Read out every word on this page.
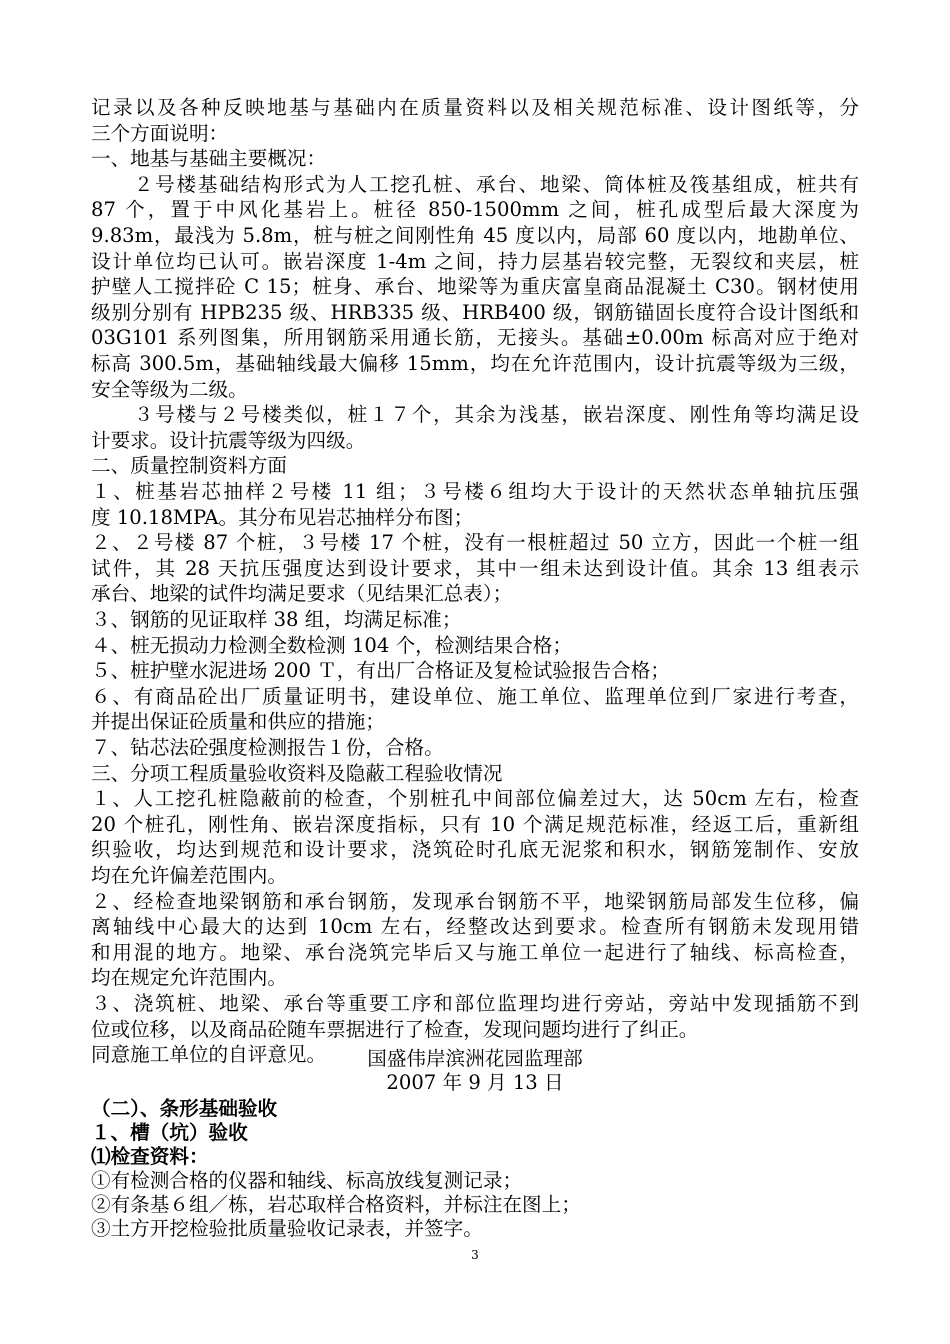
记录以及各种反映地基与基础内在质量资料以及相关规范标准、设计图纸等，分
三个方面说明：
一、地基与基础主要概况：
　　２号楼基础结构形式为人工挖孔桩、承台、地梁、筒体桩及筏基组成，桩共有
87 个，置于中风化基岩上。桩径 850-1500mm 之间，桩孔成型后最大深度为
9.83m，最浅为 5.8m，桩与桩之间刚性角 45 度以内，局部 60 度以内，地勘单位、
设计单位均已认可。嵌岩深度 1-4m 之间，持力层基岩较完整，无裂纹和夹层，桩
护壁人工搅拌砼 C 15；桩身、承台、地梁等为重庆富皇商品混凝土 C30。钢材使用
级别分别有 HPB235 级、HRB335 级、HRB400 级，钢筋锚固长度符合设计图纸和
03G101 系列图集，所用钢筋采用通长筋，无接头。基础±0.00m 标高对应于绝对
标高 300.5m，基础轴线最大偏移 15mm，均在允许范围内，设计抗震等级为三级，
安全等级为二级。
　　３号楼与２号楼类似，桩１７个，其余为浅基，嵌岩深度、刚性角等均满足设
计要求。设计抗震等级为四级。
二、质量控制资料方面
１、桩基岩芯抽样２号楼 11 组；３号楼６组均大于设计的天然状态单轴抗压强
度 10.18MPA。其分布见岩芯抽样分布图；
２、２号楼 87 个桩，３号楼 17 个桩，没有一根桩超过 50 立方，因此一个桩一组
试件，其 28 天抗压强度达到设计要求，其中一组未达到设计值。其余 13 组表示
承台、地梁的试件均满足要求（见结果汇总表）；
３、钢筋的见证取样 38 组，均满足标准；
４、桩无损动力检测全数检测 104 个，检测结果合格；
５、桩护壁水泥进场 200 Ｔ，有出厂合格证及复检试验报告合格；
６、有商品砼出厂质量证明书，建设单位、施工单位、监理单位到厂家进行考查，
并提出保证砼质量和供应的措施；
７、钻芯法砼强度检测报告１份，合格。
三、分项工程质量验收资料及隐蔽工程验收情况
１、人工挖孔桩隐蔽前的检查，个别桩孔中间部位偏差过大，达 50cm 左右，检查
20 个桩孔，刚性角、嵌岩深度指标，只有 10 个满足规范标准，经返工后，重新组
织验收，均达到规范和设计要求，浇筑砼时孔底无泥浆和积水，钢筋笼制作、安放
均在允许偏差范围内。
２、经检查地梁钢筋和承台钢筋，发现承台钢筋不平，地梁钢筋局部发生位移，偏
离轴线中心最大的达到 10cm 左右，经整改达到要求。检查所有钢筋未发现用错
和用混的地方。地梁、承台浇筑完毕后又与施工单位一起进行了轴线、标高检查，
均在规定允许范围内。
３、浇筑桩、地梁、承台等重要工序和部位监理均进行旁站，旁站中发现插筋不到
位或位移，以及商品砼随车票据进行了检查，发现问题均进行了纠正。
同意施工单位的自评意见。	国盛伟岸滨洲花园监理部
2007 年 9 月 13 日
（二）、条形基础验收
１、槽（坑）验收
⑴检查资料：
①有检测合格的仪器和轴线、标高放线复测记录；
3
②有条基６组／栋，岩芯取样合格资料，并标注在图上；
③土方开挖检验批质量验收记录表，并签字。
